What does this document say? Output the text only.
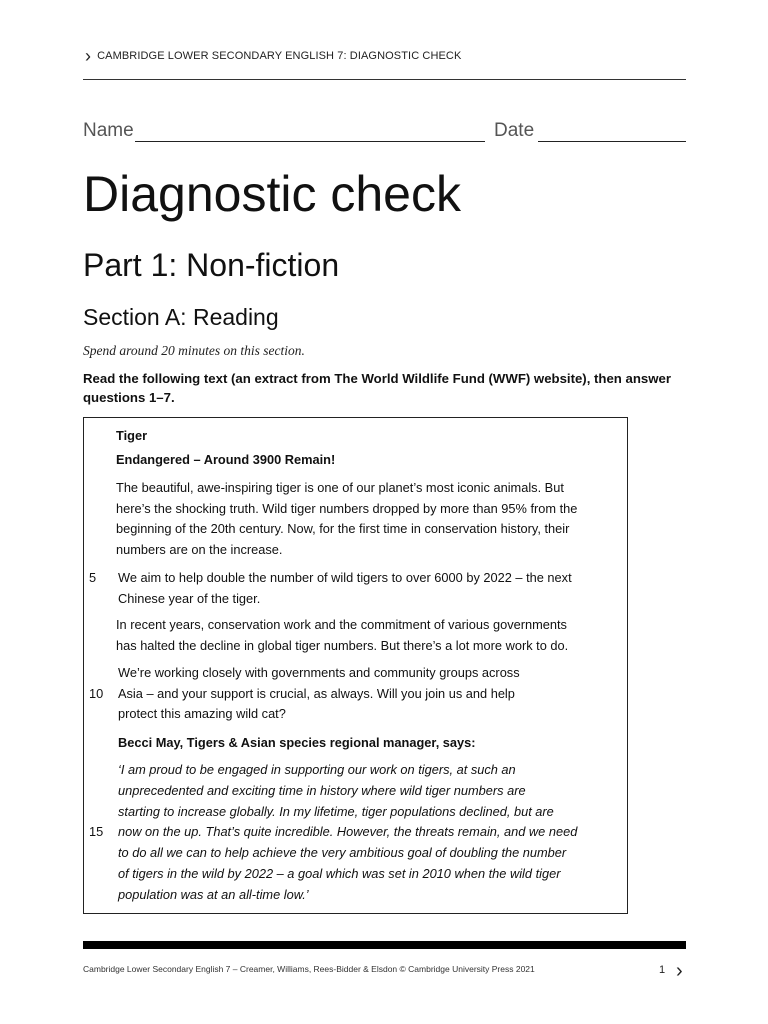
› CAMBRIDGE LOWER SECONDARY ENGLISH 7: DIAGNOSTIC CHECK
Name	Date
Diagnostic check
Part 1: Non-fiction
Section A: Reading
Spend around 20 minutes on this section.
Read the following text (an extract from The World Wildlife Fund (WWF) website), then answer
questions 1–7.
Tiger
Endangered – Around 3900 Remain!
The beautiful, awe-inspiring tiger is one of our planet’s most iconic animals. But
here’s the shocking truth. Wild tiger numbers dropped by more than 95% from the
beginning of the 20th century. Now, for the first time in conservation history, their
numbers are on the increase.
We aim to help double the number of wild tigers to over 6000 by 2022 – the next
Chinese year of the tiger.
In recent years, conservation work and the commitment of various governments
has halted the decline in global tiger numbers. But there’s a lot more work to do.
We’re working closely with governments and community groups across
Asia – and your support is crucial, as always. Will you join us and help
protect this amazing wild cat?
Becci May, Tigers & Asian species regional manager, says:
‘I am proud to be engaged in supporting our work on tigers, at such an
unprecedented and exciting time in history where wild tiger numbers are
starting to increase globally. In my lifetime, tiger populations declined, but are
now on the up. That’s quite incredible. However, the threats remain, and we need
to do all we can to help achieve the very ambitious goal of doubling the number
of tigers in the wild by 2022 – a goal which was set in 2010 when the wild tiger
population was at an all-time low.’
5
10
15
Cambridge Lower Secondary English 7 – Creamer, Williams, Rees-Bidder & Elsdon © Cambridge University Press 2021	1 ›
